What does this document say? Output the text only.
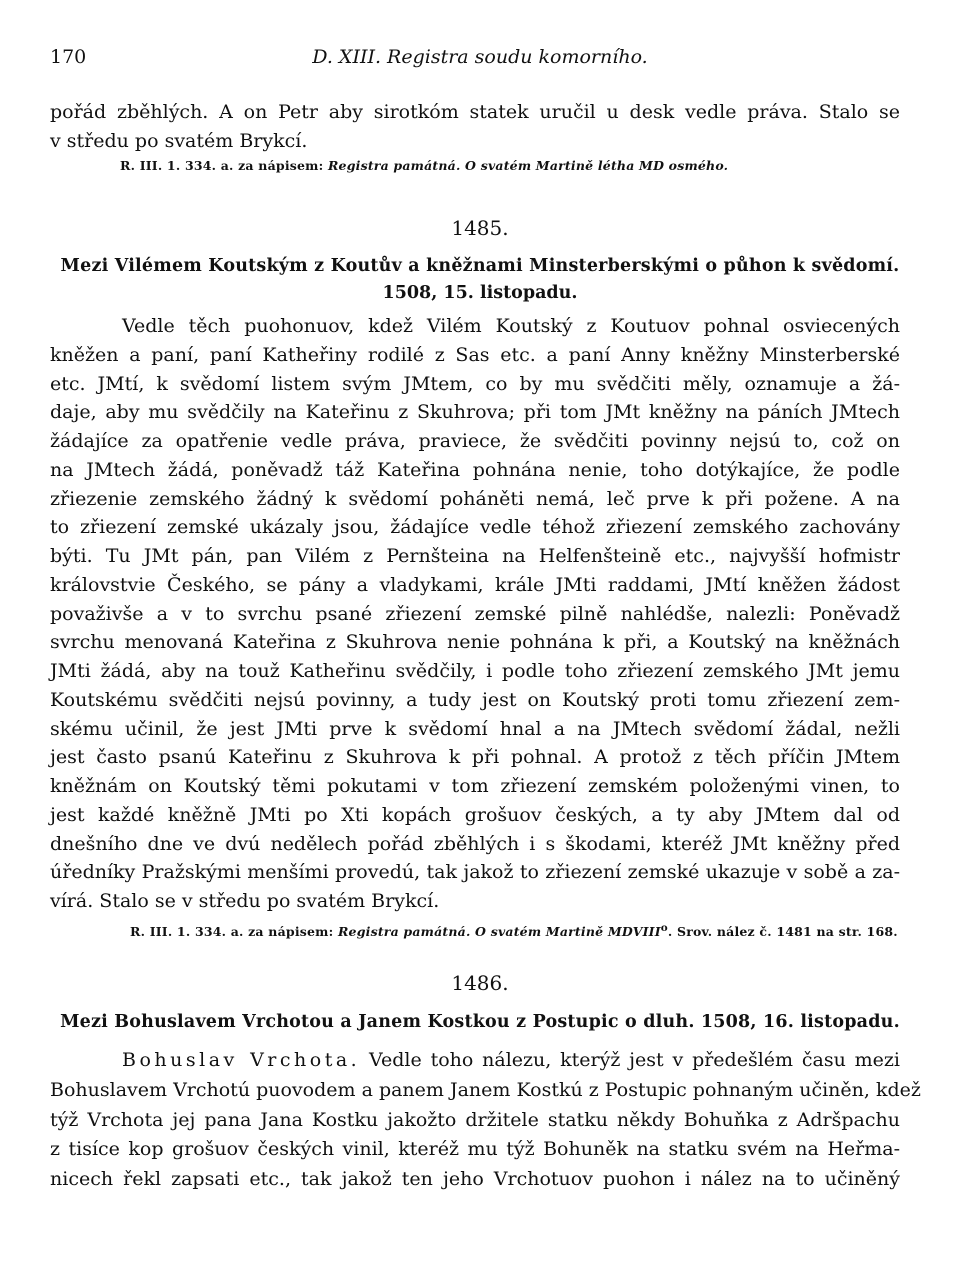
170	D. XIII. Registra soudu komorního.
pořád zběhlých. A on Petr aby sirotkóm statek uručil u desk vedle práva. Stalo se
v středu po svatém Brykcí.
R. III. 1. 334. a. za nápisem: Registra památná. O svatém Martině létha MD osmého.
1485.
Mezi Vilémem Koutským z Koutův a kněžnami Minsterberskými o půhon k svědomí.
1508, 15. listopadu.
Vedle těch puohonuov, kdež Vilém Koutský z Koutuov pohnal osviecených
kněžen a paní, paní Katheřiny rodilé z Sas etc. a paní Anny kněžny Minsterberské
etc. JMtí, k svědomí listem svým JMtem, co by mu svědčiti měly, oznamuje a žá-
daje, aby mu svědčily na Kateřinu z Skuhrova; při tom JMt kněžny na páních JMtech
žádajíce za opatřenie vedle práva, praviece, že svědčiti povinny nejsú to, což on
na JMtech žádá, poněvadž táž Kateřina pohnána nenie, toho dotýkajíce, že podle
zřiezenie zemského žádný k svědomí poháněti nemá, leč prve k při požene. A na
to zřiezení zemské ukázaly jsou, žádajíce vedle téhož zřiezení zemského zachovány
býti. Tu JMt pán, pan Vilém z Pernšteina na Helfenšteině etc., najvyšší hofmistr
královstvie Českého, se pány a vladykami, krále JMti raddami, JMtí kněžen žádost
považivše a v to svrchu psané zřiezení zemské pilně nahlédše, nalezli: Poněvadž
svrchu menovaná Kateřina z Skuhrova nenie pohnána k při, a Koutský na kněžnách
JMti žádá, aby na touž Katheřinu svědčily, i podle toho zřiezení zemského JMt jemu
Koutskému svědčiti nejsú povinny, a tudy jest on Koutský proti tomu zřiezení zem-
skému učinil, že jest JMti prve k svědomí hnal a na JMtech svědomí žádal, nežli
jest často psanú Kateřinu z Skuhrova k při pohnal. A protož z těch příčin JMtem
kněžnám on Koutský těmi pokutami v tom zřiezení zemském položenými vinen, to
jest každé kněžně JMti po Xti kopách grošuov českých, a ty aby JMtem dal od
dnešního dne ve dvú nedělech pořád zběhlých i s škodami, kteréž JMt kněžny před
úředníky Pražskými menšími provedú, tak jakož to zřiezení zemské ukazuje v sobě a za-
vírá. Stalo se v středu po svatém Brykcí.
R. III. 1. 334. a. za nápisem: Registra památná. O svatém Martině MDVIII$^o$. Srov. nález č. 1481 na str. 168.
1486.
Mezi Bohuslavem Vrchotou a Janem Kostkou z Postupic o dluh. 1508, 16. listopadu.
Bohuslav Vrchota. Vedle toho nálezu, kterýž jest v předešlém času mezi
Bohuslavem Vrchotú puovodem a panem Janem Kostkú z Postupic pohnaným učiněn, kdež
týž Vrchota jej pana Jana Kostku jakožto držitele statku někdy Bohuňka z Adršpachu
z tisíce kop grošuov českých vinil, kteréž mu týž Bohuněk na statku svém na Heřma-
nicech řekl zapsati etc., tak jakož ten jeho Vrchotuov puohon i nález na to učiněný
